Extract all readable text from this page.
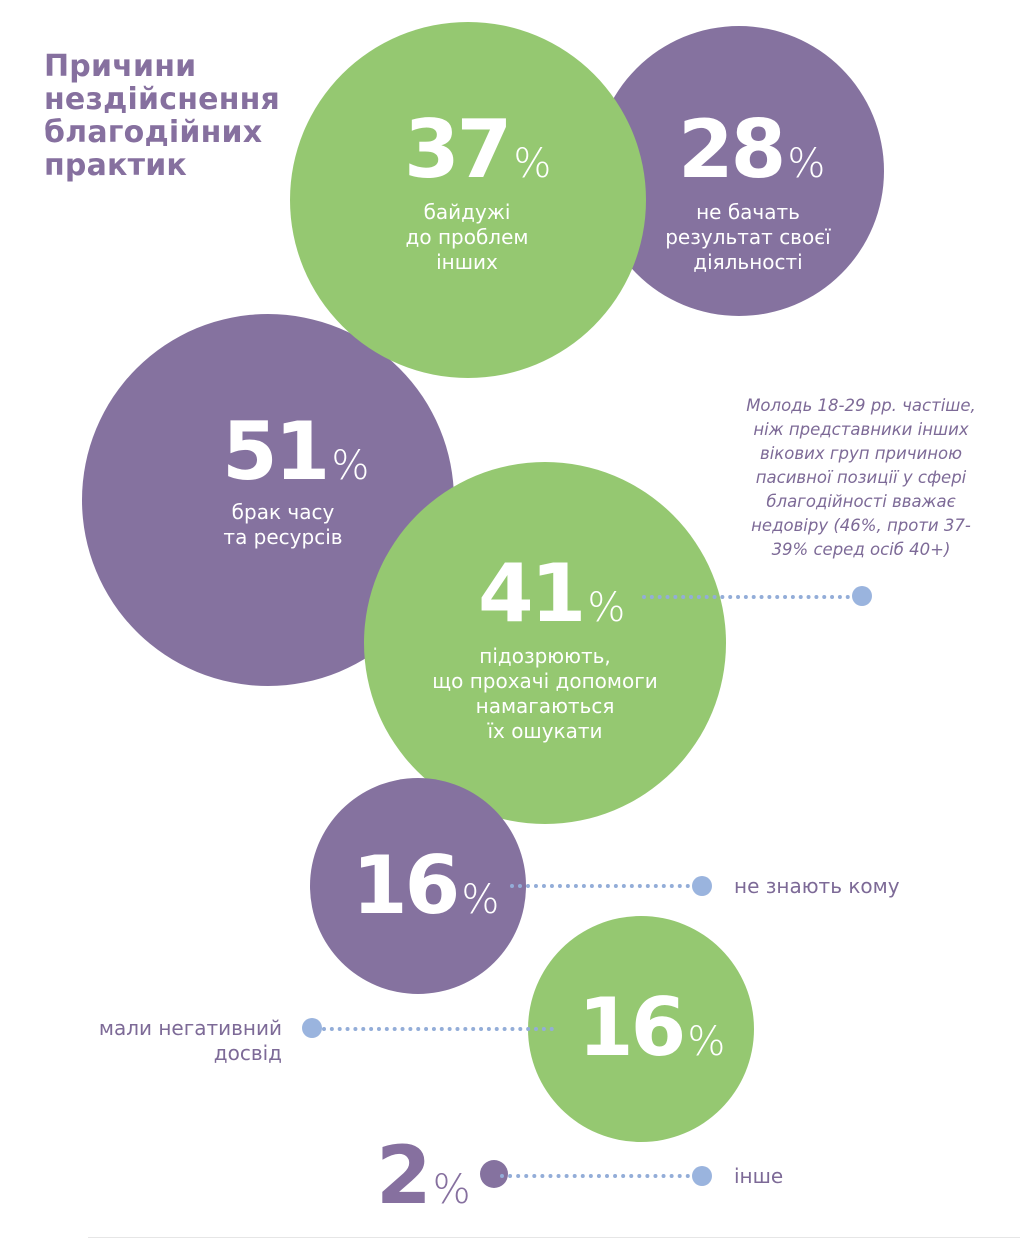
Причини
нездійснення
благодійних
практик	37 %
байдужі
до проблем
інших
28 %
не бачать
результат своєї
діяльності
51 %
брак часу
та ресурсів
41 %
підозрюють,
що прохачі допомоги
намагаються
їх ошукати
16 %
16 %
2 %
не знають кому
мали негативний
досвід
інше
Молодь 18-29 рр. частіше,
ніж представники інших
вікових груп причиною
пасивної позиції у сфері
благодійності вважає
недовіру (46%, проти 37-
39% серед осіб 40+)
